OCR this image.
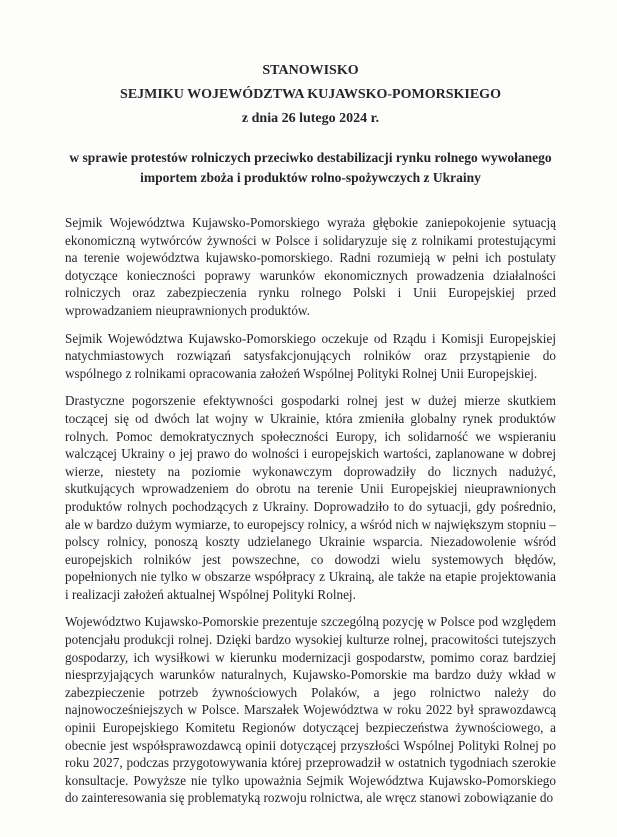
STANOWISKO
SEJMIKU WOJEWÓDZTWA KUJAWSKO-POMORSKIEGO
z dnia 26 lutego 2024 r.
w sprawie protestów rolniczych przeciwko destabilizacji rynku rolnego wywołanego
importem zboża i produktów rolno-spożywczych z Ukrainy

Sejmik Województwa Kujawsko-Pomorskiego wyraża głębokie zaniepokojenie sytuacją ekonomiczną wytwórców żywności w Polsce i solidaryzuje się z rolnikami protestującymi na terenie województwa kujawsko-pomorskiego. Radni rozumieją w pełni ich postulaty dotyczące konieczności poprawy warunków ekonomicznych prowadzenia działalności rolniczych oraz zabezpieczenia rynku rolnego Polski i Unii Europejskiej przed wprowadzaniem nieuprawnionych produktów.

Sejmik Województwa Kujawsko-Pomorskiego oczekuje od Rządu i Komisji Europejskiej natychmiastowych rozwiązań satysfakcjonujących rolników oraz przystąpienie do wspólnego z rolnikami opracowania założeń Wspólnej Polityki Rolnej Unii Europejskiej.

Drastyczne pogorszenie efektywności gospodarki rolnej jest w dużej mierze skutkiem toczącej się od dwóch lat wojny w Ukrainie, która zmieniła globalny rynek produktów rolnych. Pomoc demokratycznych społeczności Europy, ich solidarność we wspieraniu walczącej Ukrainy o jej prawo do wolności i europejskich wartości, zaplanowane w dobrej wierze, niestety na poziomie wykonawczym doprowadziły do licznych nadużyć, skutkujących wprowadzeniem do obrotu na terenie Unii Europejskiej nieuprawnionych produktów rolnych pochodzących z Ukrainy. Doprowadziło to do sytuacji, gdy pośrednio, ale w bardzo dużym wymiarze, to europejscy rolnicy, a wśród nich w największym stopniu – polscy rolnicy, ponoszą koszty udzielanego Ukrainie wsparcia. Niezadowolenie wśród europejskich rolników jest powszechne, co dowodzi wielu systemowych błędów, popełnionych nie tylko w obszarze współpracy z Ukrainą, ale także na etapie projektowania i realizacji założeń aktualnej Wspólnej Polityki Rolnej.

Województwo Kujawsko-Pomorskie prezentuje szczególną pozycję w Polsce pod względem potencjału produkcji rolnej. Dzięki bardzo wysokiej kulturze rolnej, pracowitości tutejszych gospodarzy, ich wysiłkowi w kierunku modernizacji gospodarstw, pomimo coraz bardziej niesprzyjających warunków naturalnych, Kujawsko-Pomorskie ma bardzo duży wkład w zabezpieczenie potrzeb żywnościowych Polaków, a jego rolnictwo należy do najnowocześniejszych w Polsce. Marszałek Województwa w roku 2022 był sprawozdawcą opinii Europejskiego Komitetu Regionów dotyczącej bezpieczeństwa żywnościowego, a obecnie jest współsprawozdawcą opinii dotyczącej przyszłości Wspólnej Polityki Rolnej po roku 2027, podczas przygotowywania której przeprowadził w ostatnich tygodniach szerokie konsultacje. Powyższe nie tylko upoważnia Sejmik Województwa Kujawsko-Pomorskiego do zainteresowania się problematyką rozwoju rolnictwa, ale wręcz stanowi zobowiązanie do
